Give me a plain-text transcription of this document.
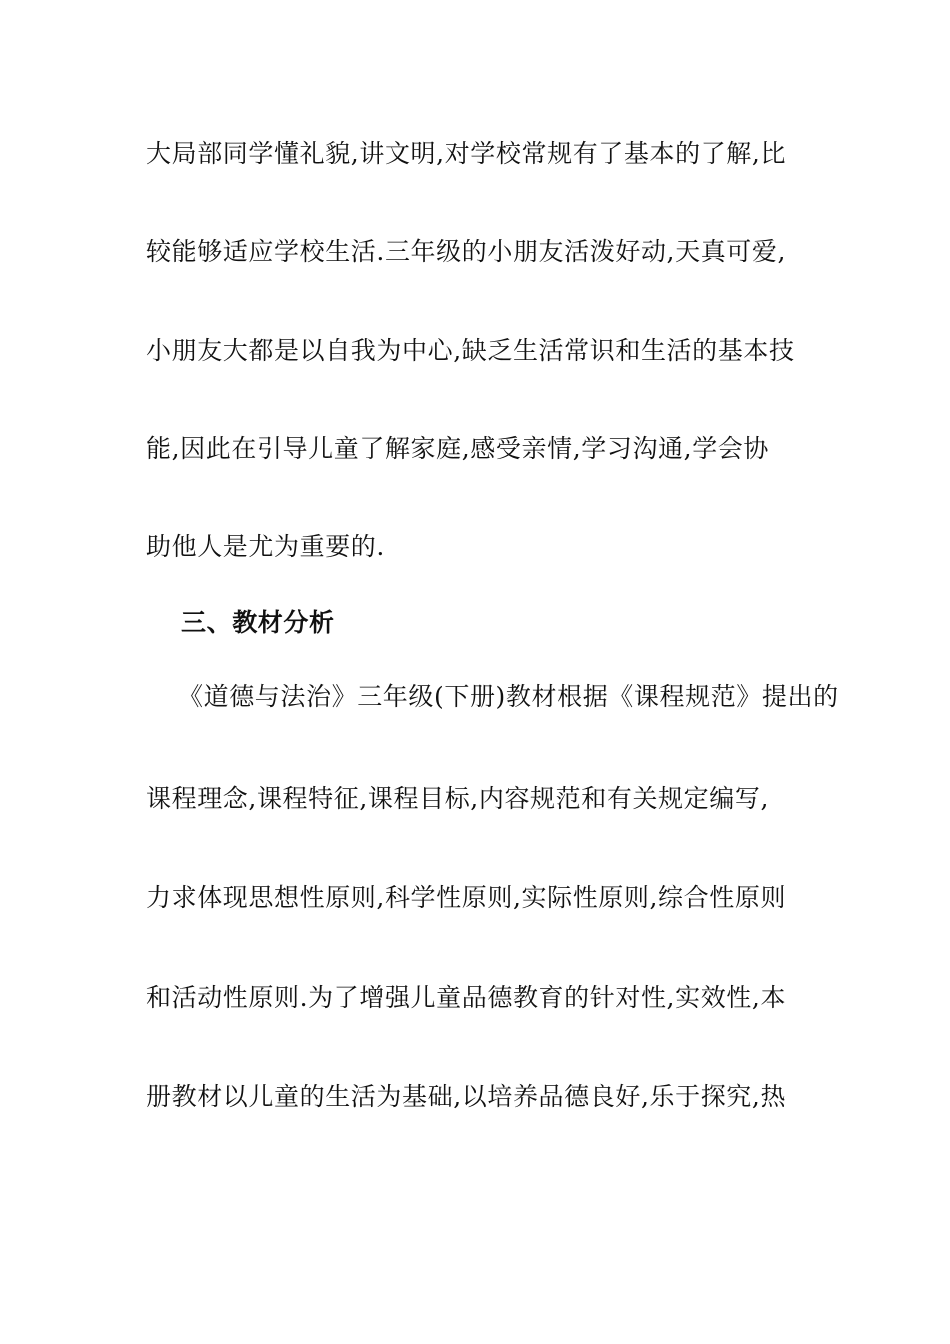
大局部同学懂礼貌,讲文明,对学校常规有了基本的了解,比
较能够适应学校生活.三年级的小朋友活泼好动,天真可爱,
小朋友大都是以自我为中心,缺乏生活常识和生活的基本技
能,因此在引导儿童了解家庭,感受亲情,学习沟通,学会协
助他人是尤为重要的.
三、教材分析
《道德与法治》三年级(下册)教材根据《课程规范》提出的
课程理念,课程特征,课程目标,内容规范和有关规定编写,
力求体现思想性原则,科学性原则,实际性原则,综合性原则
和活动性原则.为了增强儿童品德教育的针对性,实效性,本
册教材以儿童的生活为基础,以培养品德良好,乐于探究,热
